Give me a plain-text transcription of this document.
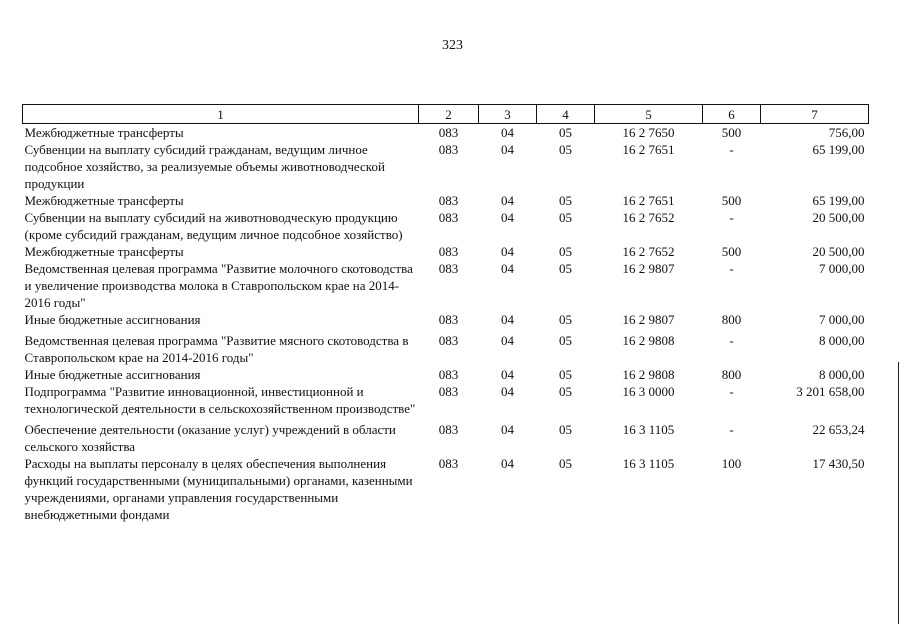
323
1	2	3	4	5	6	7
Межбюджетные трансферты	083	04	05	16 2 7650	500	756,00
Субвенции на выплату субсидий гражданам, ведущим личное подсобное хозяйство, за реализуемые объемы животноводческой продукции	083	04	05	16 2 7651	-	65 199,00
Межбюджетные трансферты	083	04	05	16 2 7651	500	65 199,00
Субвенции на выплату субсидий на животноводческую продукцию (кроме субсидий гражданам, ведущим личное подсобное хозяйство)	083	04	05	16 2 7652	-	20 500,00
Межбюджетные трансферты	083	04	05	16 2 7652	500	20 500,00
Ведомственная целевая программа "Развитие молочного скотоводства и увеличение производства молока в Ставропольском крае на 2014-2016 годы"	083	04	05	16 2 9807	-	7 000,00
Иные бюджетные ассигнования	083	04	05	16 2 9807	800	7 000,00
Ведомственная целевая программа "Развитие мясного скотоводства в Ставропольском крае на 2014-2016 годы"	083	04	05	16 2 9808	-	8 000,00
Иные бюджетные ассигнования	083	04	05	16 2 9808	800	8 000,00
Подпрограмма "Развитие инновационной, инвестиционной и технологической деятельности в сельскохозяйственном производстве"	083	04	05	16 3 0000	-	3 201 658,00
Обеспечение деятельности (оказание услуг) учреждений в области сельского хозяйства	083	04	05	16 3 1105	-	22 653,24
Расходы на выплаты персоналу в целях обеспечения выполнения функций государственными (муниципальными) органами, казенными учреждениями, органами управления государственными внебюджетными фондами	083	04	05	16 3 1105	100	17 430,50
